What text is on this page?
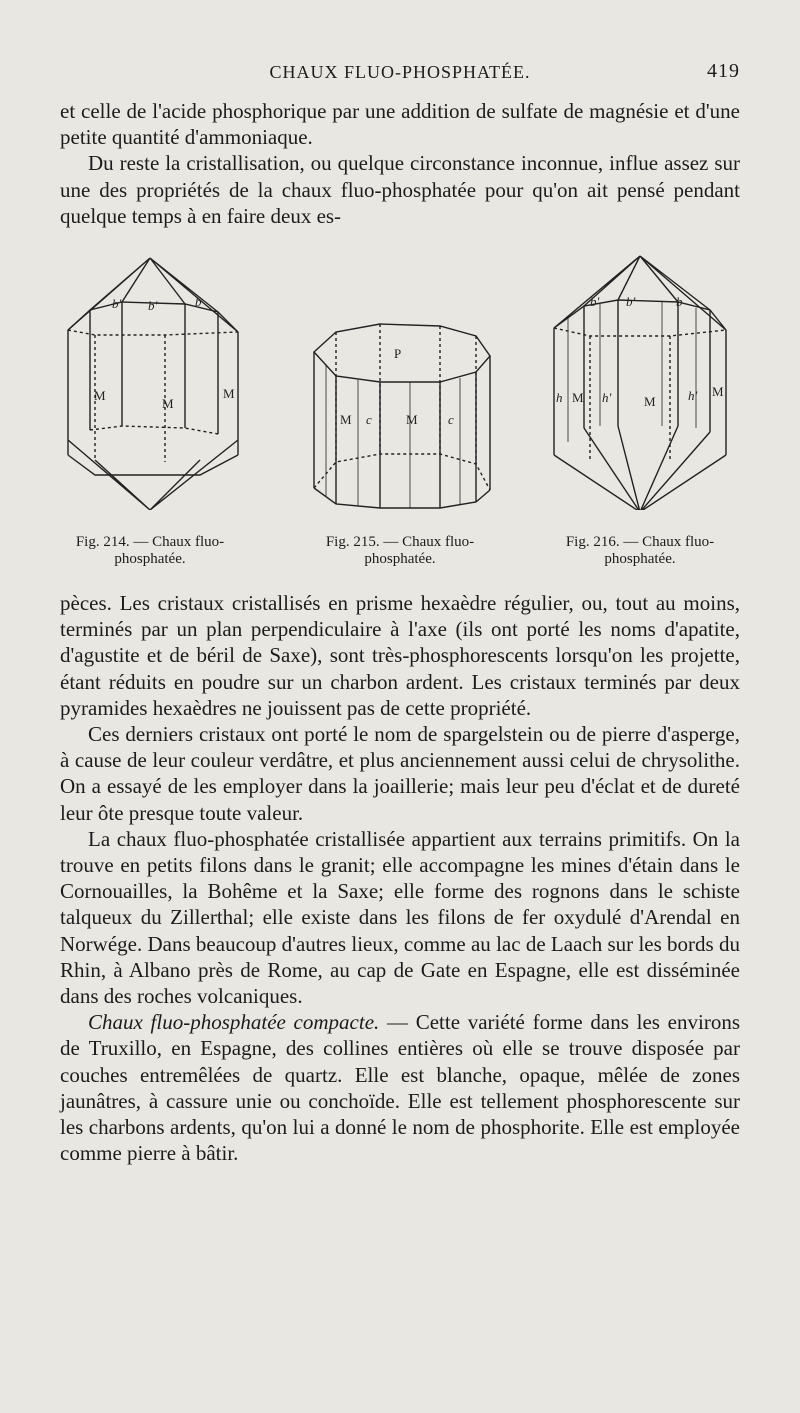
CHAUX FLUO-PHOSPHATÉE.	419
et celle de l'acide phosphorique par une addition de sulfate de magnésie et d'une petite quantité d'ammoniaque.
Du reste la cristallisation, ou quelque circonstance inconnue, influe assez sur une des propriétés de la chaux fluo-phosphatée pour qu'on ait pensé pendant quelque temps à en faire deux es-
b' b'	b
M
M
M
Fig. 214. — Chaux fluo-
phosphatée.
P
M c	M c
Fig. 215. — Chaux fluo-
phosphatée.
b' b'	b
h M h'	M h' M
Fig. 216. — Chaux fluo-
phosphatée.
pèces. Les cristaux cristallisés en prisme hexaèdre régulier, ou, tout au moins, terminés par un plan perpendiculaire à l'axe (ils ont porté les noms d'apatite, d'agustite et de béril de Saxe), sont très-phosphorescents lorsqu'on les projette, étant réduits en poudre sur un charbon ardent. Les cristaux terminés par deux pyramides hexaèdres ne jouissent pas de cette propriété.
Ces derniers cristaux ont porté le nom de spargelstein ou de pierre d'asperge, à cause de leur couleur verdâtre, et plus anciennement aussi celui de chrysolithe. On a essayé de les employer dans la joaillerie; mais leur peu d'éclat et de dureté leur ôte presque toute valeur.
La chaux fluo-phosphatée cristallisée appartient aux terrains primitifs. On la trouve en petits filons dans le granit; elle accompagne les mines d'étain dans le Cornouailles, la Bohême et la Saxe; elle forme des rognons dans le schiste talqueux du Zillerthal; elle existe dans les filons de fer oxydulé d'Arendal en Norwége. Dans beaucoup d'autres lieux, comme au lac de Laach sur les bords du Rhin, à Albano près de Rome, au cap de Gate en Espagne, elle est disséminée dans des roches volcaniques.
Chaux fluo-phosphatée compacte. — Cette variété forme dans les environs de Truxillo, en Espagne, des collines entières où elle se trouve disposée par couches entremêlées de quartz. Elle est blanche, opaque, mêlée de zones jaunâtres, à cassure unie ou conchoïde. Elle est tellement phosphorescente sur les charbons ardents, qu'on lui a donné le nom de phosphorite. Elle est employée comme pierre à bâtir.
